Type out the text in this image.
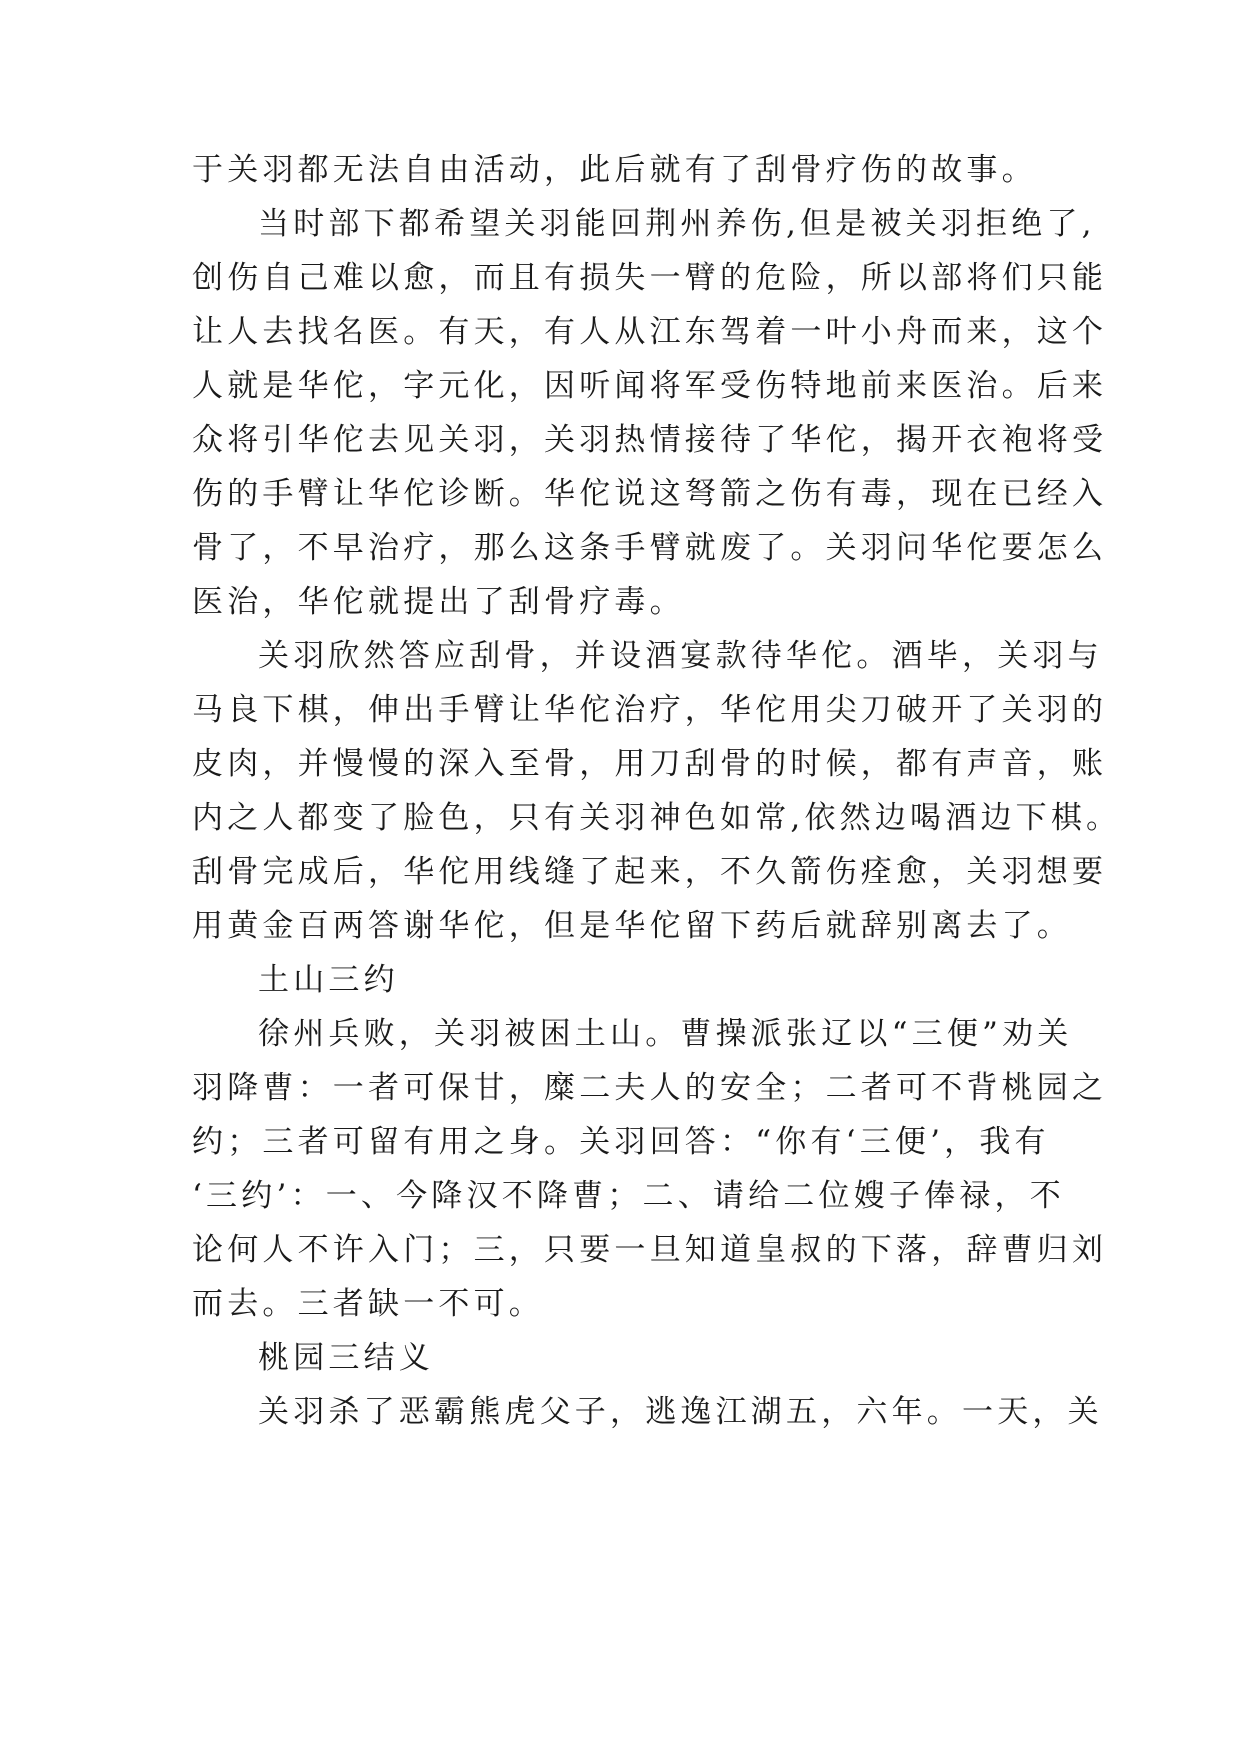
于关羽都无法自由活动，此后就有了刮骨疗伤的故事。
当时部下都希望关羽能回荆州养伤,但是被关羽拒绝了,
创伤自己难以愈，而且有损失一臂的危险，所以部将们只能
让人去找名医。有天，有人从江东驾着一叶小舟而来，这个
人就是华佗，字元化，因听闻将军受伤特地前来医治。后来
众将引华佗去见关羽，关羽热情接待了华佗，揭开衣袍将受
伤的手臂让华佗诊断。华佗说这弩箭之伤有毒，现在已经入
骨了，不早治疗，那么这条手臂就废了。关羽问华佗要怎么
医治，华佗就提出了刮骨疗毒。
关羽欣然答应刮骨，并设酒宴款待华佗。酒毕，关羽与
马良下棋，伸出手臂让华佗治疗，华佗用尖刀破开了关羽的
皮肉，并慢慢的深入至骨，用刀刮骨的时候，都有声音，账
内之人都变了脸色，只有关羽神色如常,依然边喝酒边下棋。
刮骨完成后，华佗用线缝了起来，不久箭伤痊愈，关羽想要
用黄金百两答谢华佗，但是华佗留下药后就辞别离去了。
土山三约
徐州兵败，关羽被困土山。曹操派张辽以“三便”劝关
羽降曹：一者可保甘，糜二夫人的安全；二者可不背桃园之
约；三者可留有用之身。关羽回答：“你有‘三便’，我有
‘三约’：一、今降汉不降曹；二、请给二位嫂子俸禄，不
论何人不许入门；三，只要一旦知道皇叔的下落，辞曹归刘
而去。三者缺一不可。
桃园三结义
关羽杀了恶霸熊虎父子，逃逸江湖五，六年。一天，关
